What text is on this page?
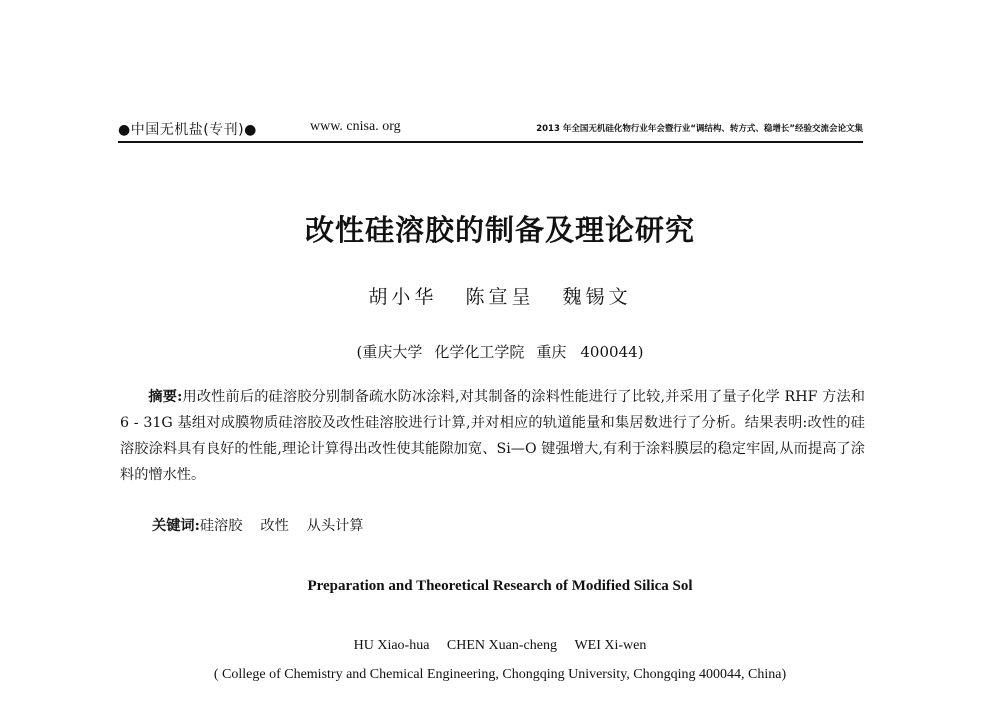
●中国无机盐(专刊)●	www. cnisa. org	2013 年全国无机硅化物行业年会暨行业“调结构、转方式、稳增长”经验交流会论文集
改性硅溶胶的制备及理论研究
胡小华 陈宣呈 魏锡文
(重庆大学 化学化工学院 重庆 400044)
摘要:用改性前后的硅溶胶分别制备疏水防冰涂料,对其制备的涂料性能进行了比较,并采用了量子化学 RHF 方法和 6 - 31G 基组对成膜物质硅溶胶及改性硅溶胶进行计算,并对相应的轨道能量和集居数进行了分析。结果表明:改性的硅溶胶涂料具有良好的性能,理论计算得出改性使其能隙加宽、Si—O 键强增大,有利于涂料膜层的稳定牢固,从而提高了涂料的憎水性。
关键词:硅溶胶 改性 从头计算
Preparation and Theoretical Research of Modified Silica Sol
HU Xiao-hua CHEN Xuan-cheng WEI Xi-wen
( College of Chemistry and Chemical Engineering, Chongqing University, Chongqing 400044, China)
